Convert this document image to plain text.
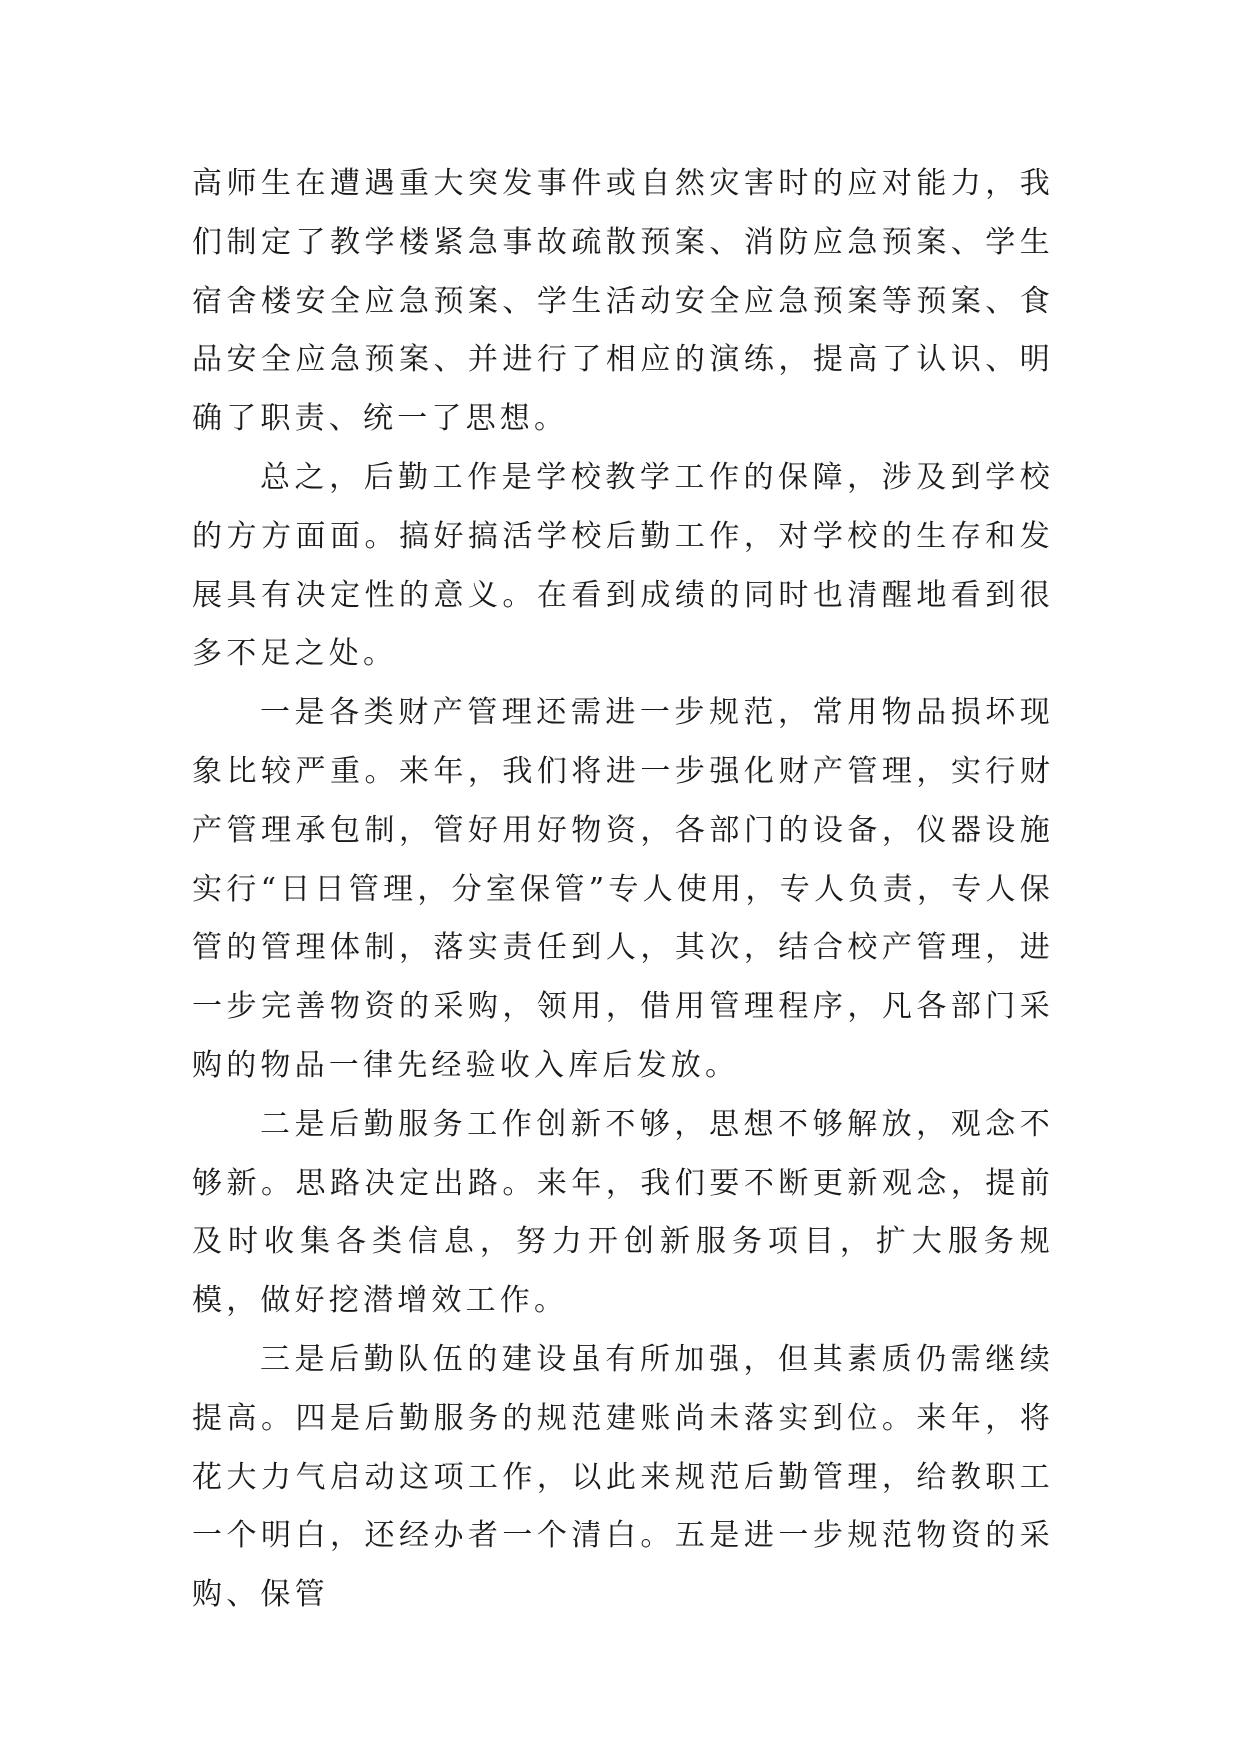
高师生在遭遇重大突发事件或自然灾害时的应对能力，我们制定了教学楼紧急事故疏散预案、消防应急预案、学生宿舍楼安全应急预案、学生活动安全应急预案等预案、食品安全应急预案、并进行了相应的演练，提高了认识、明确了职责、统一了思想。

总之，后勤工作是学校教学工作的保障，涉及到学校的方方面面。搞好搞活学校后勤工作，对学校的生存和发展具有决定性的意义。在看到成绩的同时也清醒地看到很多不足之处。

一是各类财产管理还需进一步规范，常用物品损坏现象比较严重。来年，我们将进一步强化财产管理，实行财产管理承包制，管好用好物资，各部门的设备，仪器设施实行“日日管理，分室保管”专人使用，专人负责，专人保管的管理体制，落实责任到人，其次，结合校产管理，进一步完善物资的采购，领用，借用管理程序，凡各部门采购的物品一律先经验收入库后发放。

二是后勤服务工作创新不够，思想不够解放，观念不够新。思路决定出路。来年，我们要不断更新观念，提前及时收集各类信息，努力开创新服务项目，扩大服务规模，做好挖潜增效工作。

三是后勤队伍的建设虽有所加强，但其素质仍需继续提高。四是后勤服务的规范建账尚未落实到位。来年，将花大力气启动这项工作，以此来规范后勤管理，给教职工一个明白，还经办者一个清白。五是进一步规范物资的采购、保管
